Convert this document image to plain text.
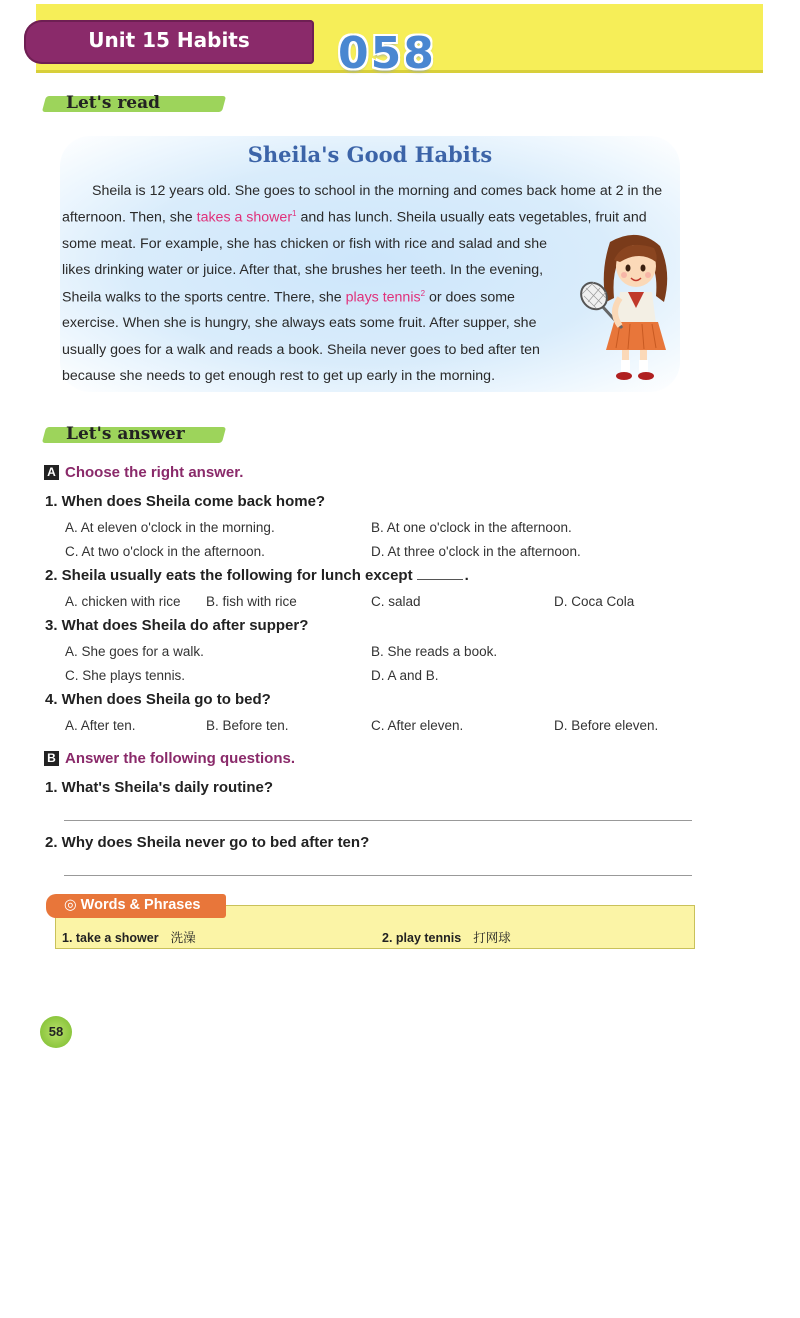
Unit 15 Habits	058
Let's read
Sheila's Good Habits
Sheila is 12 years old. She goes to school in the morning and comes back home at 2 in the
afternoon. Then, she takes a shower$^1$ and has lunch. Sheila usually eats vegetables, fruit and
some meat. For example, she has chicken or fish with rice and salad and she
likes drinking water or juice. After that, she brushes her teeth. In the evening,
Sheila walks to the sports centre. There, she plays tennis$^2$ or does some
exercise. When she is hungry, she always eats some fruit. After supper, she
usually goes for a walk and reads a book. Sheila never goes to bed after ten
because she needs to get enough rest to get up early in the morning.
Let's answer
A Choose the right answer.
1. When does Sheila come back home?
A. At eleven o'clock in the morning.	B. At one o'clock in the afternoon.
C. At two o'clock in the afternoon.	D. At three o'clock in the afternoon.
2. Sheila usually eats the following for lunch except	.
A. chicken with rice B. fish with rice	C. salad	D. Coca Cola
3. What does Sheila do after supper?
A. She goes for a walk.	B. She reads a book.
C. She plays tennis.	D. A and B.
4. When does Sheila go to bed?
A. After ten.	B. Before ten.	C. After eleven.	D. Before eleven.
B Answer the following questions.
1. What's Sheila's daily routine?
2. Why does Sheila never go to bed after ten?
◎ Words & Phrases
1. take a shower 洗澡	2. play tennis 打网球
58
